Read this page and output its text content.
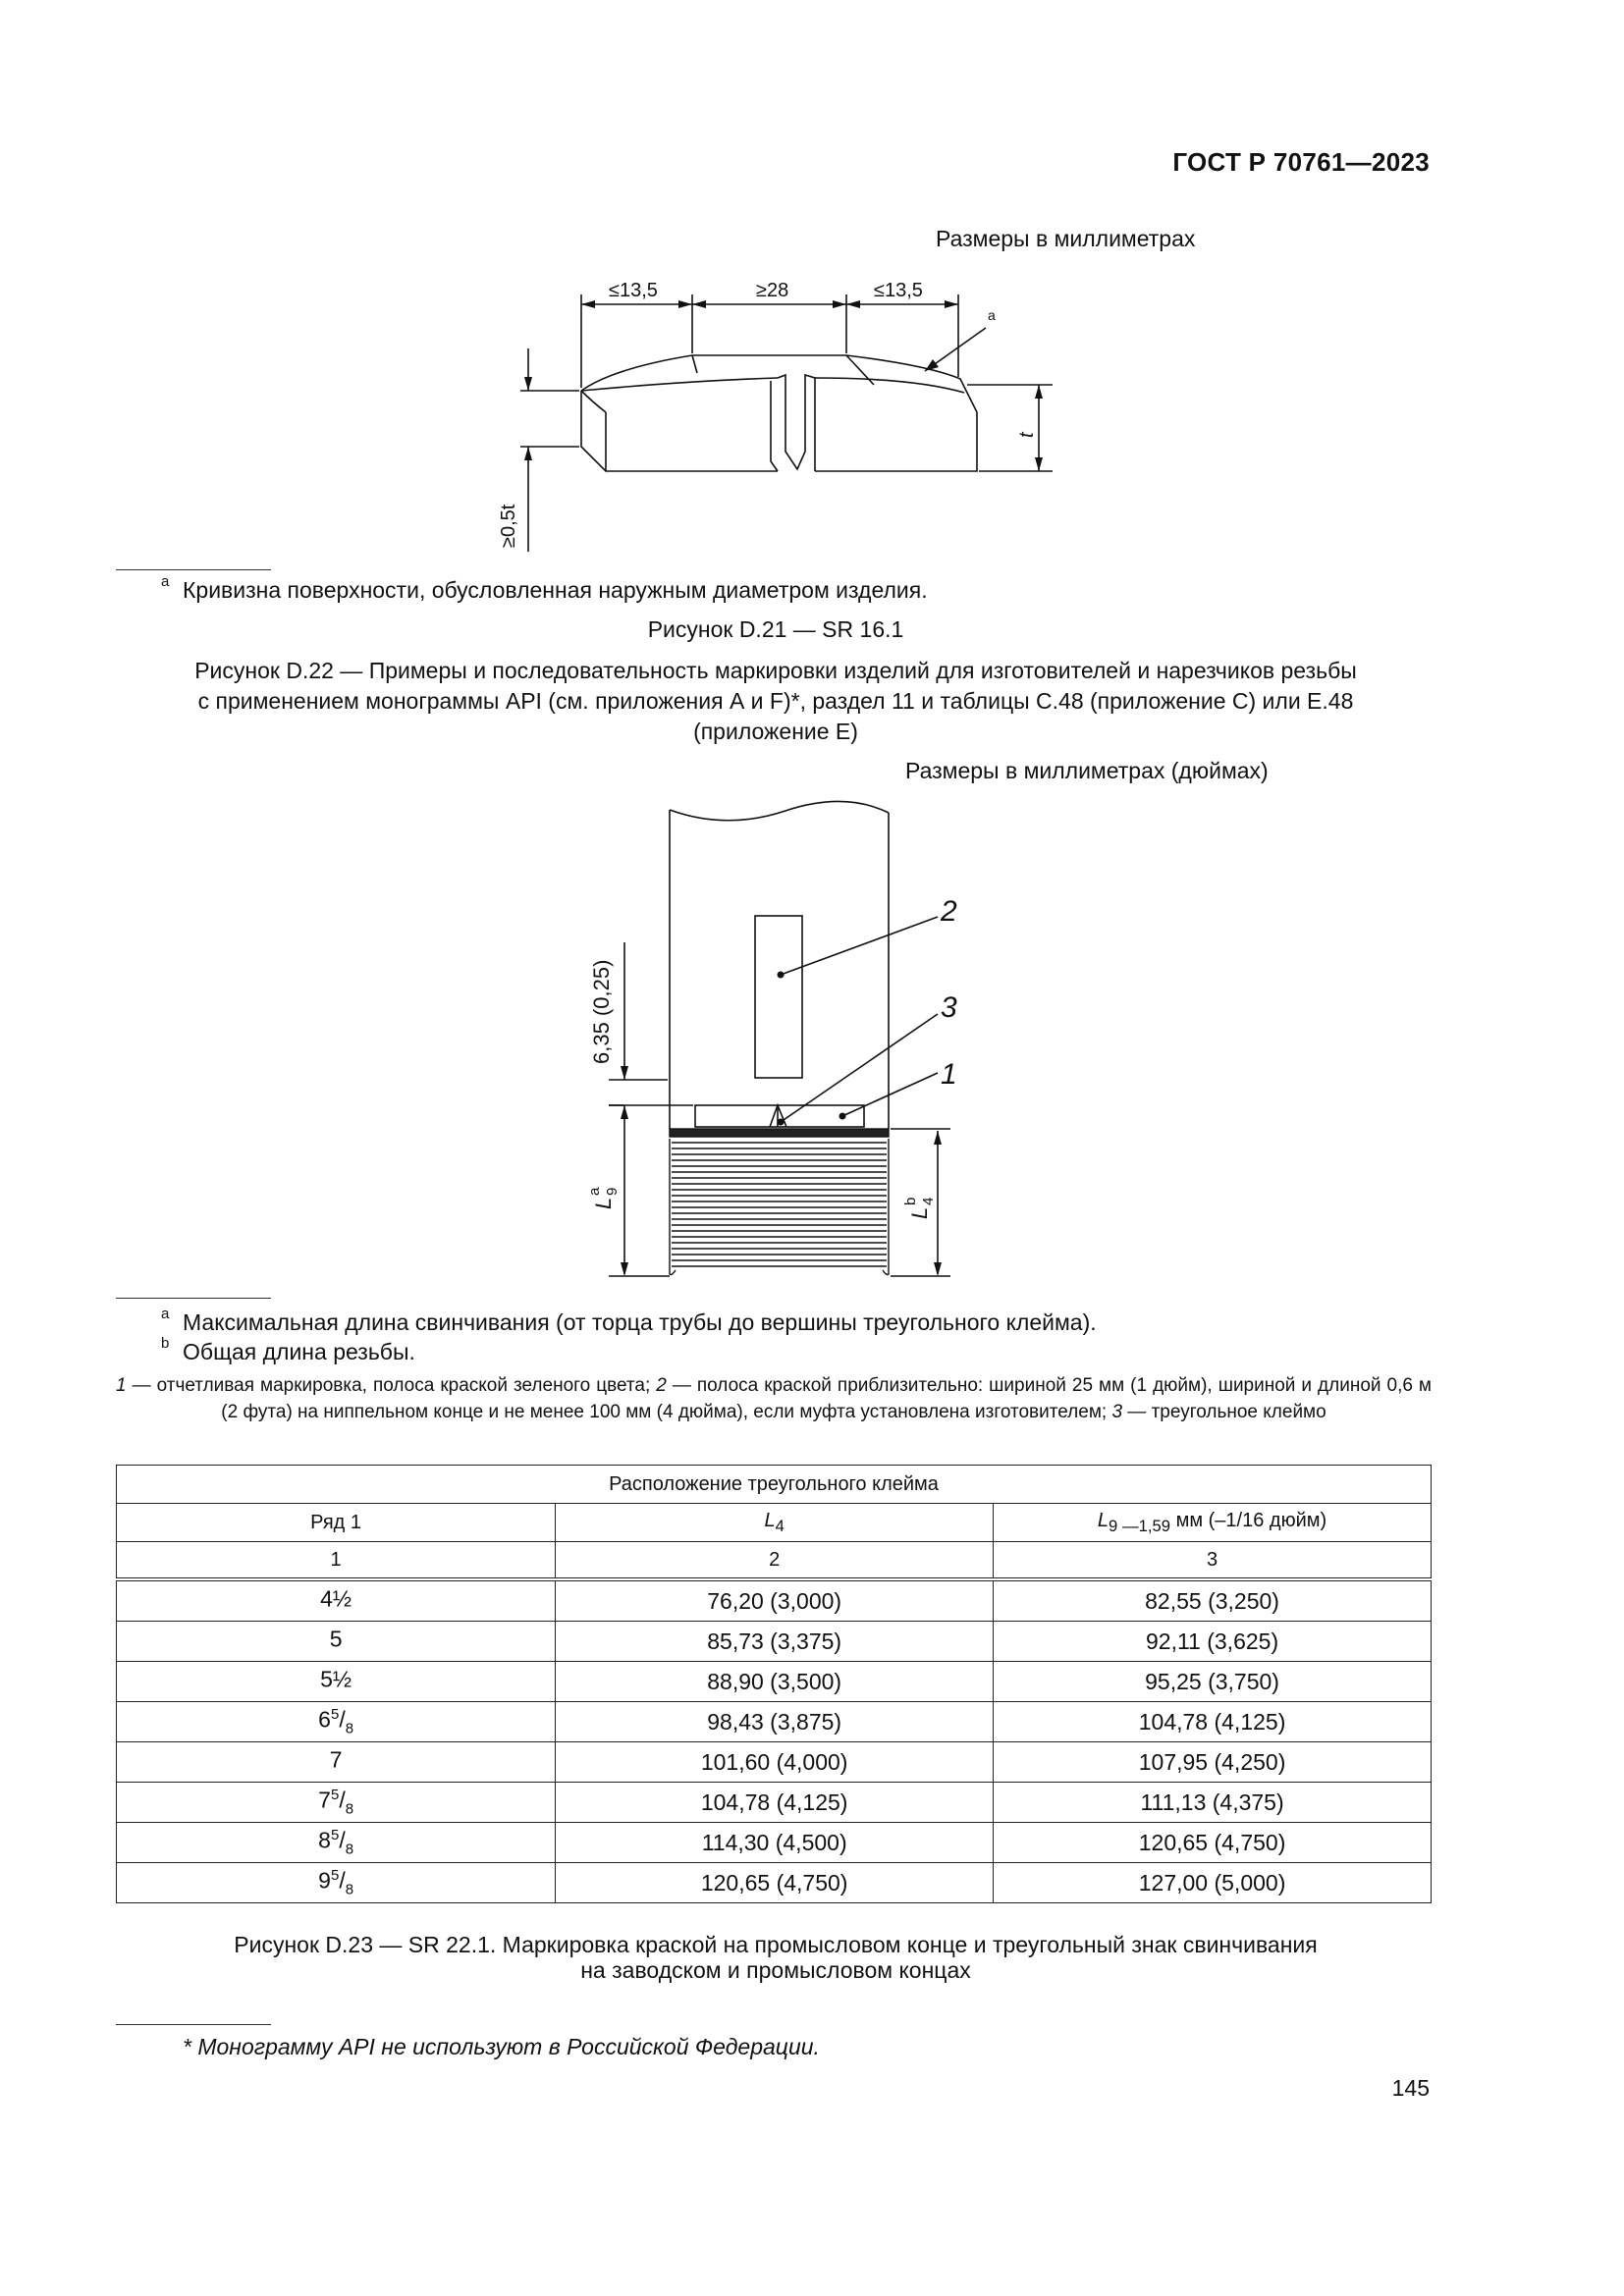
ГОСТ Р 70761—2023
Размеры в миллиметрах
≤13,5	≥28	≤13,5
a
t
≥0,5t
a Кривизна поверхности, обусловленная наружным диаметром изделия.
Рисунок D.21 — SR 16.1
Рисунок D.22 — Примеры и последовательность маркировки изделий для изготовителей и нарезчиков резьбы
с применением монограммы API (см. приложения А и F)*, раздел 11 и таблицы С.48 (приложение С) или Е.48
(приложение Е)
Размеры в миллиметрах (дюймах)
6,35 (0,25)
2
3
1
L
9
a
L
4
b
a Максимальная длина свинчивания (от торца трубы до вершины треугольного клейма).
b Общая длина резьбы.
1 — отчетливая маркировка, полоса краской зеленого цвета; 2 — полоса краской приблизительно: шириной 25 мм (1 дюйм), шириной и длиной 0,6 м (2 фута) на ниппельном конце и не менее 100 мм (4 дюйма), если муфта установлена изготовителем; 3 — треугольное клеймо
Расположение треугольного клейма		
Ряд 1	$L_4$	$L_{9 —1,59}$ мм (–1/16 дюйм)
1	2	3
4½	76,20 (3,000)	82,55 (3,250)
5	85,73 (3,375)	92,11 (3,625)
5½	88,90 (3,500)	95,25 (3,750)
$6^5/_8$	98,43 (3,875)	104,78 (4,125)
7	101,60 (4,000)	107,95 (4,250)
$7^5/_8$	104,78 (4,125)	111,13 (4,375)
$8^5/_8$	114,30 (4,500)	120,65 (4,750)
$9^5/_8$	120,65 (4,750)	127,00 (5,000)
Рисунок D.23 — SR 22.1. Маркировка краской на промысловом конце и треугольный знак свинчивания
на заводском и промысловом концах
* Монограмму API не используют в Российской Федерации.
145
